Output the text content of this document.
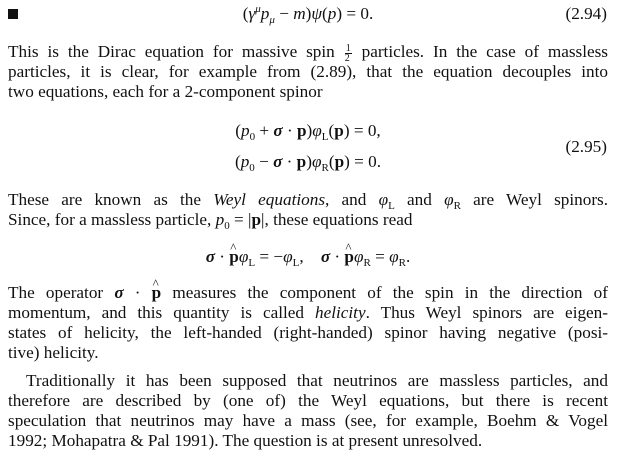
$(\gamma^\mu p_\mu - m)\psi(p) = 0$.	(2.94)
This is the Dirac equation for massive spin $\frac{1}{2}$ particles. In the case of massless
particles, it is clear, for example from (2.89), that the equation decouples into
two equations, each for a 2-component spinor
$(p_0 + \sigma \cdot p)\varphi_L(p) = 0$,
$(p_0 - \sigma \cdot p)\varphi_R(p) = 0$.
(2.95)
These are known as the Weyl equations, and $\varphi_L$ and $\varphi_R$ are Weyl spinors.
Since, for a massless particle, $p_0 = |p|$, these equations read
σ · ^ $p\varphi_L = -\varphi_L$,    σ · ^ $p\varphi_R = \varphi_R$.
The operator σ · ^ p measures the component of the spin in the direction of
momentum, and this quantity is called helicity. Thus Weyl spinors are eigen-
states of helicity, the left-handed (right-handed) spinor having negative (posi-
tive) helicity.
Traditionally it has been supposed that neutrinos are massless particles, and
therefore are described by (one of) the Weyl equations, but there is recent
speculation that neutrinos may have a mass (see, for example, Boehm & Vogel
1992; Mohapatra & Pal 1991). The question is at present unresolved.
